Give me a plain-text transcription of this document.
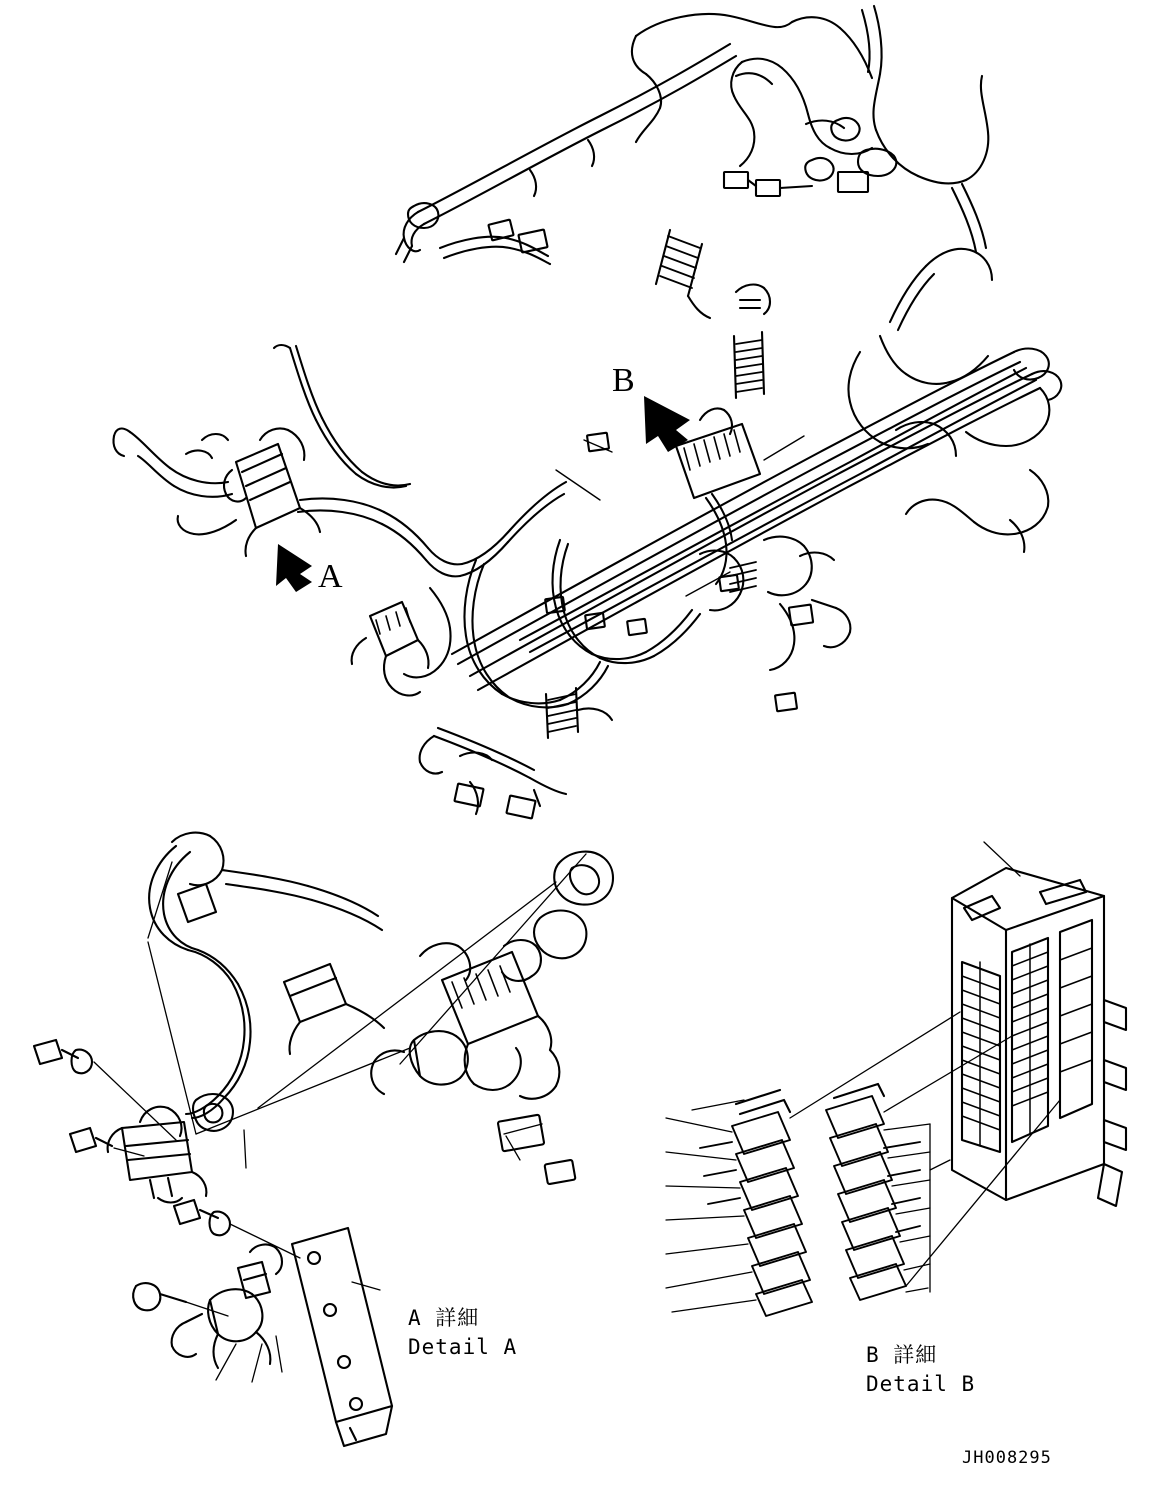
A
B
A 詳細
Detail A	B 詳細
Detail B
JH008295
